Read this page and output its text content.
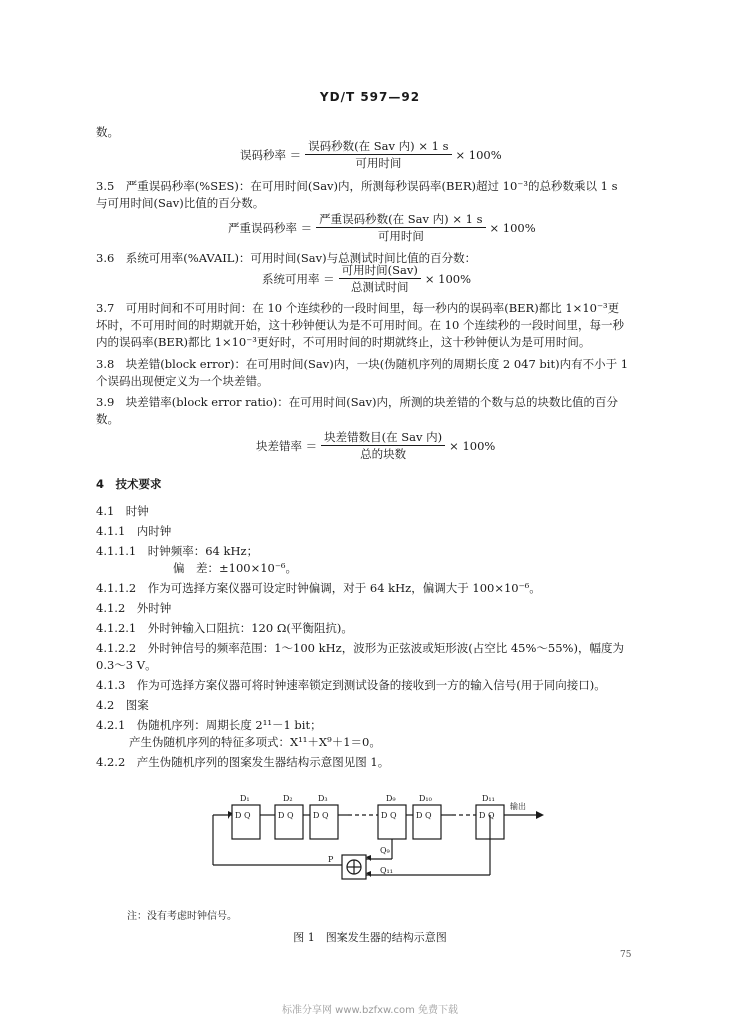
YD/T 597—92
数。
误码秒率 ＝ $\frac{\text{误码秒数(在 Sav 内) × 1 s}}{\text{可用时间}} \times 100\%$
3.5　严重误码秒率(%SES)：在可用时间(Sav)内，所测每秒误码率(BER)超过 10⁻³的总秒数乘以 1 s
与可用时间(Sav)比值的百分数。
严重误码秒率 ＝ $\frac{\text{严重误码秒数(在 Sav 内) × 1 s}}{\text{可用时间}} \times 100\%$
3.6　系统可用率(%AVAIL)：可用时间(Sav)与总测试时间比值的百分数：
系统可用率 ＝ $\frac{\text{可用时间(Sav)}}{\text{总测试时间}} \times 100\%$
3.7　可用时间和不可用时间：在 10 个连续秒的一段时间里，每一秒内的误码率(BER)都比 1×10⁻³更
坏时，不可用时间的时期就开始，这十秒钟便认为是不可用时间。在 10 个连续秒的一段时间里，每一秒
内的误码率(BER)都比 1×10⁻³更好时，不可用时间的时期就终止，这十秒钟便认为是可用时间。
3.8　块差错(block error)：在可用时间(Sav)内，一块(伪随机序列的周期长度 2 047 bit)内有不小于 1
个误码出现便定义为一个块差错。
3.9　块差错率(block error ratio)：在可用时间(Sav)内，所测的块差错的个数与总的块数比值的百分
数。
块差错率 ＝ $\frac{\text{块差错数目(在 Sav 内)}}{\text{总的块数}} \times 100\%$
4　技术要求
4.1　时钟
4.1.1　内时钟
4.1.1.1　时钟频率：64 kHz；
偏　差：±100×10⁻⁶。
4.1.1.2　作为可选择方案仪器可设定时钟偏调，对于 64 kHz，偏调大于 100×10⁻⁶。
4.1.2　外时钟
4.1.2.1　外时钟输入口阻抗：120 Ω(平衡阻抗)。
4.1.2.2　外时钟信号的频率范围：1～100 kHz，波形为正弦波或矩形波(占空比 45%～55%)，幅度为
0.3～3 V。
4.1.3　作为可选择方案仪器可将时钟速率锁定到测试设备的接收到一方的输入信号(用于同向接口)。
4.2　图案
4.2.1　伪随机序列：周期长度 2¹¹－1 bit；
产生伪随机序列的特征多项式：X¹¹＋X⁹＋1＝0。
4.2.2　产生伪随机序列的图案发生器结构示意图见图 1。
D₁	D₂	D₃	D₉	D₁₀	D₁₁
D Q	D Q D Q	D Q D Q	D Q
Q₉
Q₁₁
P
输出
注：没有考虑时钟信号。
图 1　图案发生器的结构示意图
75
标准分享网 www.bzfxw.com 免费下载
